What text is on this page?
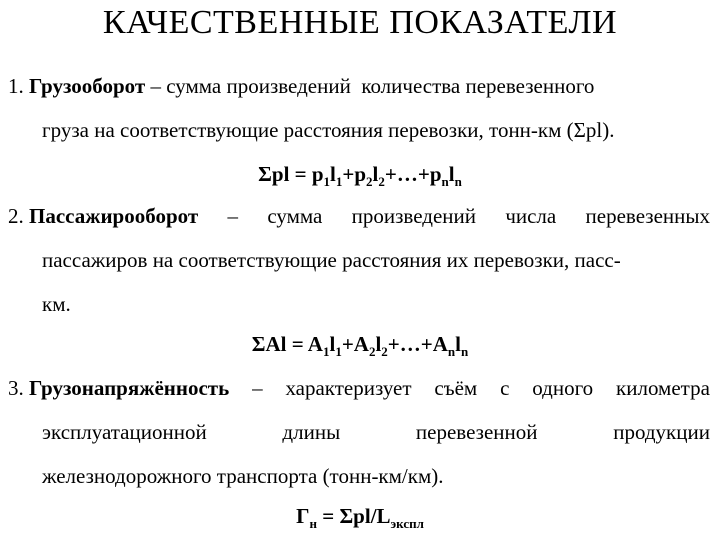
КАЧЕСТВЕННЫЕ ПОКАЗАТЕЛИ
1. Грузооборот – сумма произведений количества перевезенного
груза на соответствующие расстояния перевозки, тонн-км (Σpl).
$\Sigma pl = p_1l_1+p_2l_2+\dots+p_nl_n$
2. Пассажирооборот – сумма произведений числа перевезенных
пассажиров на соответствующие расстояния их перевозки, пасс-
км.
$\Sigma Al = A_1l_1+A_2l_2+\dots+A_nl_n$
3. Грузонапряжённость – характеризует съём с одного километра
эксплуатационной	длины	перевезенной	продукции
железнодорожного транспорта (тонн-км/км).
$Г_н = \Sigma pl/L_{экспл}$
